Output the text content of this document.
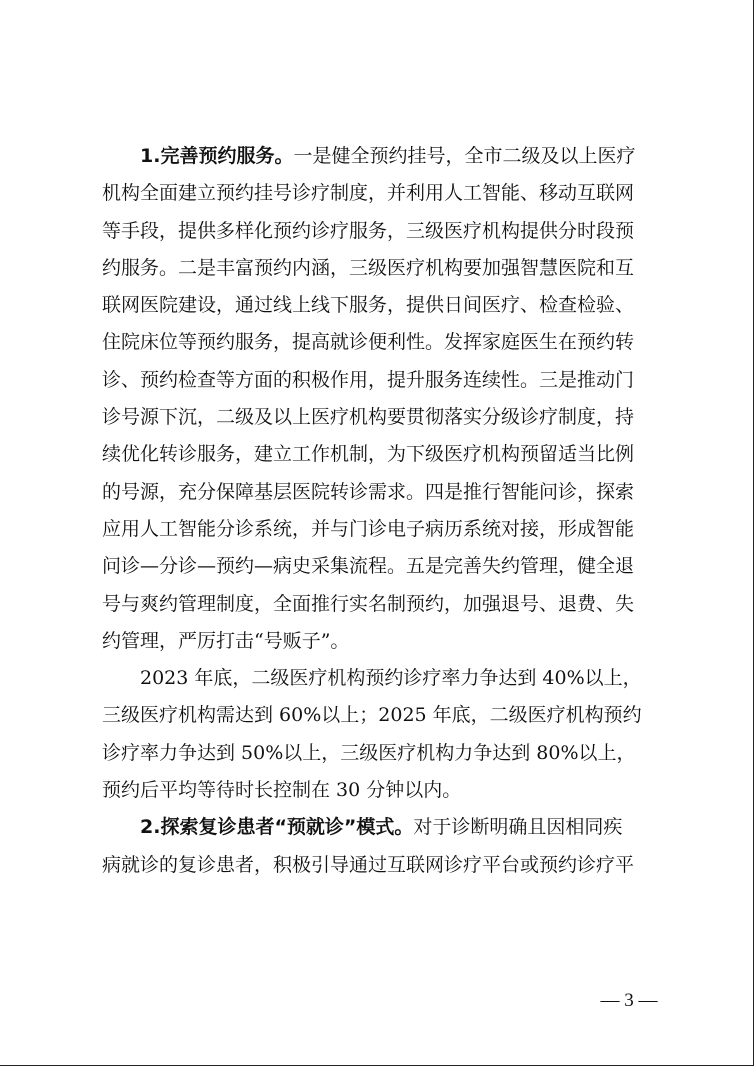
1.完善预约服务。一是健全预约挂号，全市二级及以上医疗
机构全面建立预约挂号诊疗制度，并利用人工智能、移动互联网
等手段，提供多样化预约诊疗服务，三级医疗机构提供分时段预
约服务。二是丰富预约内涵，三级医疗机构要加强智慧医院和互
联网医院建设，通过线上线下服务，提供日间医疗、检查检验、
住院床位等预约服务，提高就诊便利性。发挥家庭医生在预约转
诊、预约检查等方面的积极作用，提升服务连续性。三是推动门
诊号源下沉，二级及以上医疗机构要贯彻落实分级诊疗制度，持
续优化转诊服务，建立工作机制，为下级医疗机构预留适当比例
的号源，充分保障基层医院转诊需求。四是推行智能问诊，探索
应用人工智能分诊系统，并与门诊电子病历系统对接，形成智能
问诊—分诊—预约—病史采集流程。五是完善失约管理，健全退
号与爽约管理制度，全面推行实名制预约，加强退号、退费、失
约管理，严厉打击“号贩子”。
2023 年底，二级医疗机构预约诊疗率力争达到 40%以上，
三级医疗机构需达到 60%以上；2025 年底，二级医疗机构预约
诊疗率力争达到 50%以上，三级医疗机构力争达到 80%以上，
预约后平均等待时长控制在 30 分钟以内。
2.探索复诊患者“预就诊”模式。对于诊断明确且因相同疾
病就诊的复诊患者，积极引导通过互联网诊疗平台或预约诊疗平
— 3 —
